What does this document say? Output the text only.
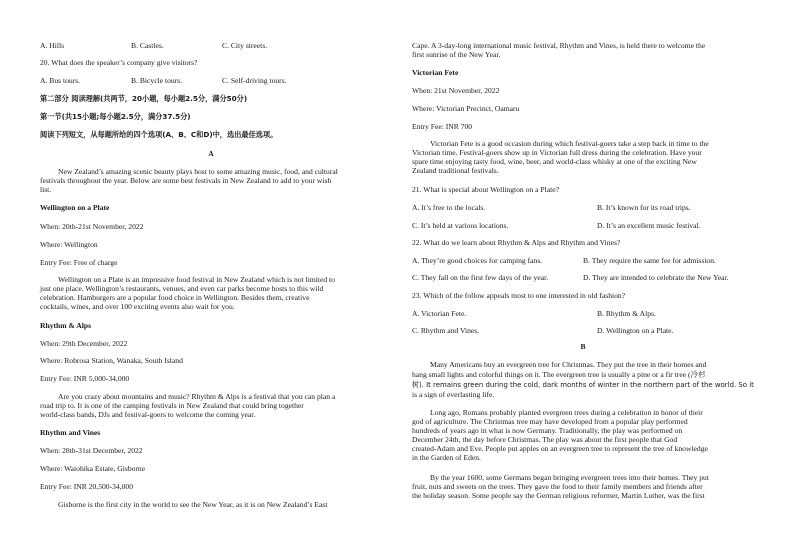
A. Hills	B. Castles.	C. City streets.
20. What does the speaker’s company give visitors?
A. Bus tours.	B. Bicycle tours.	C. Self-driving tours.
第二部分 阅读理解(共两节，20小题，每小题2.5分，满分50分)
第一节(共15小题;每小题2.5分，满分37.5分)
阅读下列短文，从每题所给的四个选项(A、B、C和D)中，选出最佳选项。
A
New Zealand’s amazing scenic beauty plays host to some amazing music, food, and cultural
festivals throughout the year. Below are some best festivals in New Zealand to add to your wish
list.
Wellington on a Plate
When: 20th-21st November, 2022
Where: Wellington
Entry Fee: Free of charge
Wellington on a Plate is an impressive food festival in New Zealand which is not limited to
just one place. Wellington’s restaurants, venues, and even car parks become hosts to this wild
celebration. Hamburgers are a popular food choice in Wellington. Besides them, creative
cocktails, wines, and over 100 exciting events also wait for you.
Rhythm & Alps
When: 29th December, 2022
Where: Robrosa Station, Wanaka, South Island
Entry Fee: INR 5,000-34,000
Are you crazy about mountains and music? Rhythm & Alps is a festival that you can plan a
road trip to. It is one of the camping festivals in New Zealand that could bring together
world-class bands, DJs and festival-goers to welcome the coming year.
Rhythm and Vines
When: 28th-31st December, 2022
Where: Waiohika Estate, Gisborne
Entry Fee: INR 20,500-34,000
Gisborne is the first city in the world to see the New Year, as it is on New Zealand’s East
Cape. A 3-day-long international music festival, Rhythm and Vines, is held there to welcome the
first sunrise of the New Year.
Victorian Fete
When: 21st November, 2022
Where: Victorian Precinct, Oamaru
Entry Fee: INR 700
Victorian Fete is a good occasion during which festival-goers take a step back in time to the
Victorian time. Festival-goers show up in Victorian full dress during the celebration. Have your
spare time enjoying tasty food, wine, beer, and world-class whisky at one of the exciting New
Zealand traditional festivals.
21. What is special about Wellington on a Plate?
A. It’s free to the locals.	B. It’s known for its road trips.
C. It’s held at various locations.	D. It’s an excellent music festival.
22. What do we learn about Rhythm & Alps and Rhythm and Vines?
A. They’re good choices for camping fans.	B. They require the same fee for admission.
C. They fall on the first few days of the year.	D. They are intended to celebrate the New Year.
23. Which of the follow appeals most to one interested in old fashion?
A. Victorian Fete.	B. Rhythm & Alps.
C. Rhythm and Vines.	D. Wellington on a Plate.
B
Many Americans buy an evergreen tree for Christmas. They put the tree in their homes and
hang small lights and colorful things on it. The evergreen tree is usually a pine or a fir tree (冷杉
树). It remains green during the cold, dark months of winter in the northern part of the world. So it
is a sign of everlasting life.
Long ago, Romans probably planted evergreen trees during a celebration in honor of their
god of agriculture. The Christmas tree may have developed from a popular play performed
hundreds of years ago in what is now Germany. Traditionally, the play was performed on
December 24th, the day before Christmas. The play was about the first people that God
created-Adam and Eve. People put apples on an evergreen tree to represent the tree of knowledge
in the Garden of Eden.
By the year 1600, some Germans began bringing evergreen trees into their homes. They put
fruit, nuts and sweets on the trees. They gave the food to their family members and friends after
the holiday season. Some people say the German religious reformer, Martin Luther, was the first
